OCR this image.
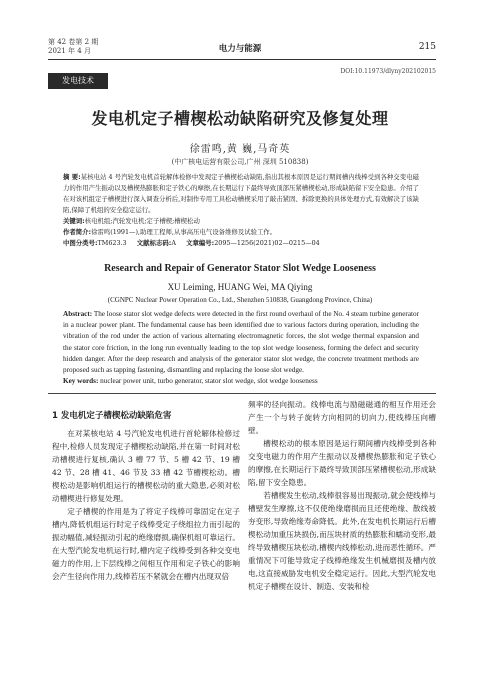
第 42 卷第 2 期
2021 年 4 月	电力与能源	215
发电技术
DOI:10.11973/dlyny202102015
发电机定子槽楔松动缺陷研究及修复处理
徐雷鸣,黄 巍,马奇英
(中广核电运营有限公司,广州 深圳 510838)

摘 要:某核电站 4 号汽轮发电机首轮解体检修中发现定子槽楔松动缺陷,指出其根本原因是运行期间槽内线棒受到各种交变电磁力的作用产生振动以及槽楔热膨胀和定子铁心的摩擦,在长期运行下最终导致顶部压紧槽楔松动,形成缺陷留下安全隐患。介绍了在对该机组定子槽楔进行深入调查分析后,对制作专用工具松动槽楔采用了敲击紧固、拆除更换的具体处理方式,有效解决了该缺陷,保障了机组的安全稳定运行。

关键词:核电机组;汽轮发电机;定子槽楔;槽楔松动

作者简介:徐雷鸣(1991—),助理工程师,从事高压电气设备维修及试验工作。

中图分类号:TM623.3 文献标志码:A 文章编号:2095—1256(2021)02—0215—04

Research and Repair of Generator Stator Slot Wedge Looseness
XU Leiming, HUANG Wei, MA Qiying
(CGNPC Nuclear Power Operation Co., Ltd., Shenzhen 510838, Guangdong Province, China)

Abstract: The loose stator slot wedge defects were detected in the first round overhaul of the No. 4 steam turbine generator in a nuclear power plant. The fundamental cause has been identified due to various factors during operation, including the vibration of the rod under the action of various alternating electromagnetic forces, the slot wedge thermal expansion and the stator core friction, in the long run eventually leading to the top slot wedge looseness, forming the defect and security hidden danger. After the deep research and analysis of the generator stator slot wedge, the concrete treatment methods are proposed such as tapping fastening, dismantling and replacing the loose slot wedge.

Key words: nuclear power unit, turbo generator, stator slot wedge, slot wedge looseness

1 发电机定子槽楔松动缺陷危害

在对某核电站 4 号汽轮发电机进行首轮解体检修过程中,检修人员发现定子槽楔松动缺陷,并在第一时间对松动槽楔进行复核,确认 3 槽 77 节、5 槽 42 节、19 槽 42 节、28 槽 41、46 节及 33 槽 42 节槽楔松动。槽楔松动是影响机组运行的槽楔松动的重大隐患,必须对松动槽楔进行修复处理。

定子槽楔的作用是为了将定子线棒可靠固定在定子槽内,降低机组运行时定子线棒受定子绕组拉力而引起的振动幅值,减轻振动引起的绝缘磨损,确保机组可靠运行。在大型汽轮发电机运行时,槽内定子线棒受到各种交变电磁力的作用,上下层线棒之间相互作用和定子铁心的影响会产生径向作用力,线棒若压不紧就会在槽内出现双倍

频率的径向振动。线棒电流与励磁磁通的相互作用还会产生一个与转子旋转方向相同的切向力,使线棒压向槽壁。

槽楔松动的根本原因是运行期间槽内线棒受到各种交变电磁力的作用产生振动以及槽楔热膨胀和定子铁心的摩擦,在长期运行下最终导致顶部压紧槽楔松动,形成缺陷,留下安全隐患。

若槽楔发生松动,线棒很容易出现振动,就会使线棒与槽壁发生摩擦,这不仅使绝缘磨损而且还使绝缘、散线被夯变形,导致绝缘寿命降低。此外,在发电机长期运行后槽楔松动加重压块损伤,而压块材质的热膨胀和蠕动变形,最终导致槽楔压块松动,槽楔内线棒松动,进而恶性循环。严重情况下可能导致定子线棒绝缘发生机械磨损及槽内放电,这直接威胁发电机安全稳定运行。因此,大型汽轮发电机定子槽楔在设计、制造、安装和检
